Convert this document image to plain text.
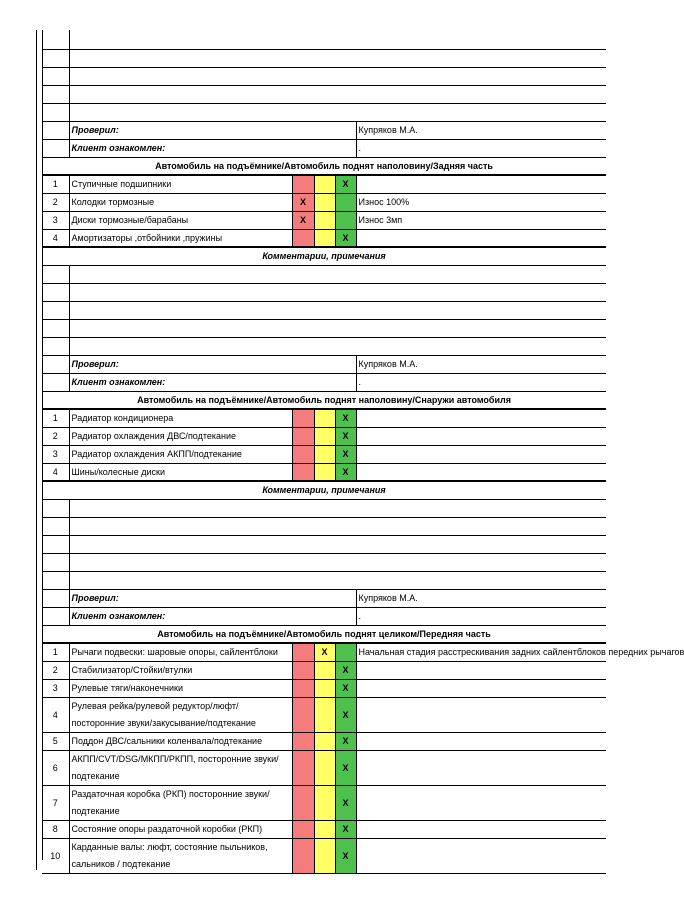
	Проверил:				Купряков М.А.
	Клиент ознакомлен:				.
Автомобиль на подъёмнике/Автомобиль поднят наполовину/Задняя часть					
1	Ступичные подшипники			X	
2	Колодки тормозные	X			Износ 100%
3	Диски тормозные/барабаны	X			Износ 3мп
4	Амортизаторы ,отбойники ,пружины			X	
Комментарии, примечания					

	Проверил:				Купряков М.А.
	Клиент ознакомлен:				.
Автомобиль на подъёмнике/Автомобиль поднят наполовину/Снаружи автомобиля					
1	Радиатор кондиционера			X	
2	Радиатор охлаждения ДВС/подтекание			X	
3	Радиатор охлаждения АКПП/подтекание			X	
4	Шины/колесные диски			X	
Комментарии, примечания					

	Проверил:				Купряков М.А.
	Клиент ознакомлен:				.
Автомобиль на подъёмнике/Автомобиль поднят целиком/Передняя часть					
1	Рычаги подвески: шаровые опоры, сайлентблоки		X		Начальная стадия расстрескивания задних сайлентблоков передних рычагов
2	Стабилизатор/Стойки/втулки			X	
3	Рулевые тяги/наконечники			X	
4	Рулевая рейка/рулевой редуктор/люфт/посторонние звуки/закусывание/подтекание			X	
5	Поддон ДВС/сальники коленвала/подтекание			X	
6	АКПП/CVT/DSG/МКПП/РКПП, посторонние звуки/подтекание			X	
7	Раздаточная коробка (РКП) посторонние звуки/подтекание			X	
8	Состояние опоры раздаточной коробки (РКП)			X	
10	Карданные валы: люфт, состояние пыльников, сальников / подтекание			X	
